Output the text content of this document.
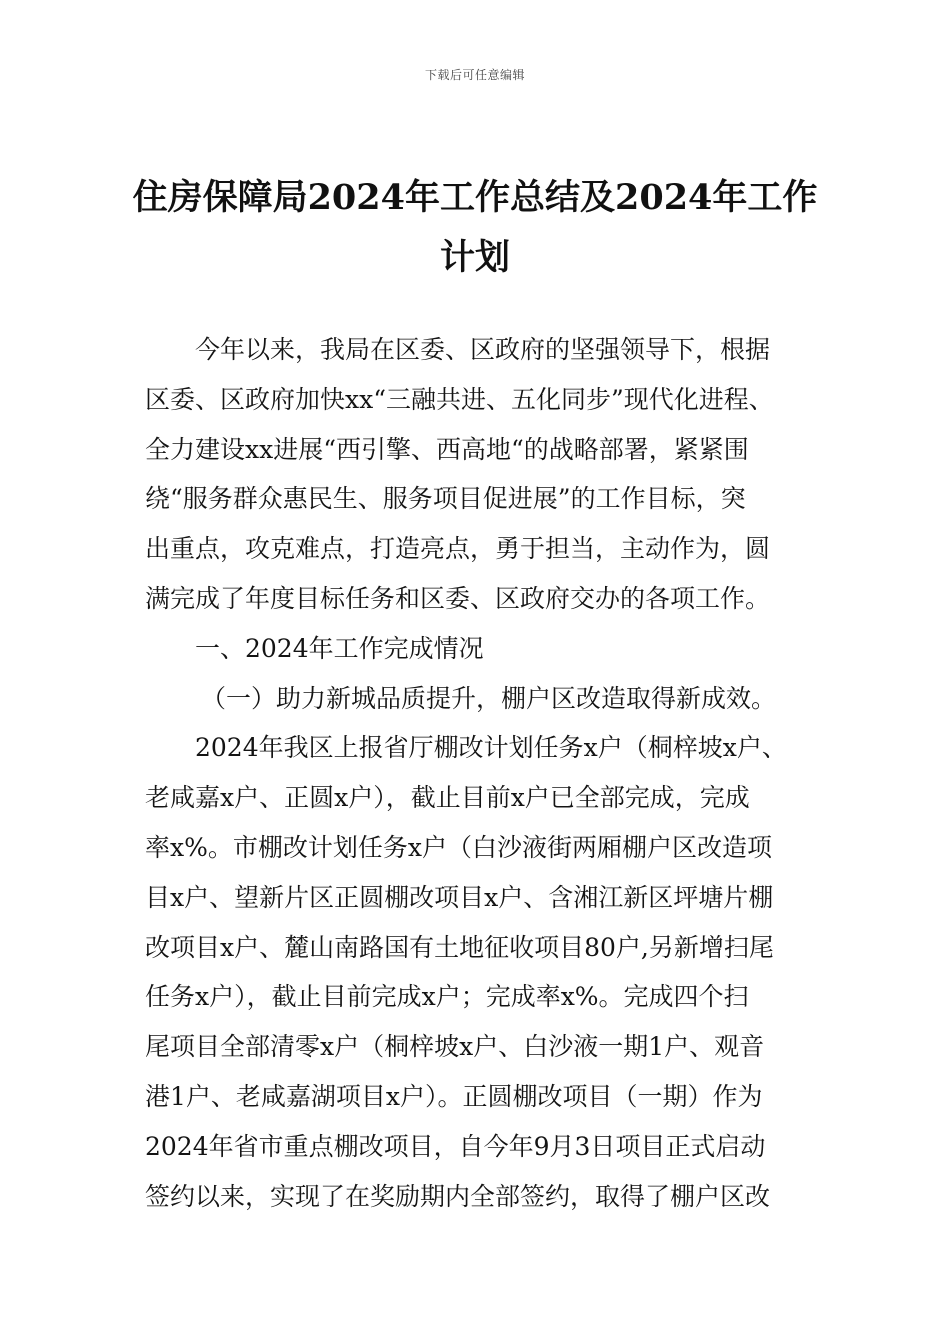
下载后可任意编辑
住房保障局2024年工作总结及2024年工作
计划
今年以来，我局在区委、区政府的坚强领导下，根据
区委、区政府加快xx“三融共进、五化同步”现代化进程、
全力建设xx进展“西引擎、西高地“的战略部署，紧紧围
绕“服务群众惠民生、服务项目促进展”的工作目标，突
出重点，攻克难点，打造亮点，勇于担当，主动作为，圆
满完成了年度目标任务和区委、区政府交办的各项工作。
一、2024年工作完成情况
（一）助力新城品质提升，棚户区改造取得新成效。
2024年我区上报省厅棚改计划任务x户（桐梓坡x户、
老咸嘉x户、正圆x户），截止目前x户已全部完成，完成
率x%。市棚改计划任务x户（白沙液街两厢棚户区改造项
目x户、望新片区正圆棚改项目x户、含湘江新区坪塘片棚
改项目x户、麓山南路国有土地征收项目80户,另新增扫尾
任务x户），截止目前完成x户；完成率x%。完成四个扫
尾项目全部清零x户（桐梓坡x户、白沙液一期1户、观音
港1户、老咸嘉湖项目x户）。正圆棚改项目（一期）作为
2024年省市重点棚改项目，自今年9月3日项目正式启动
签约以来，实现了在奖励期内全部签约，取得了棚户区改
